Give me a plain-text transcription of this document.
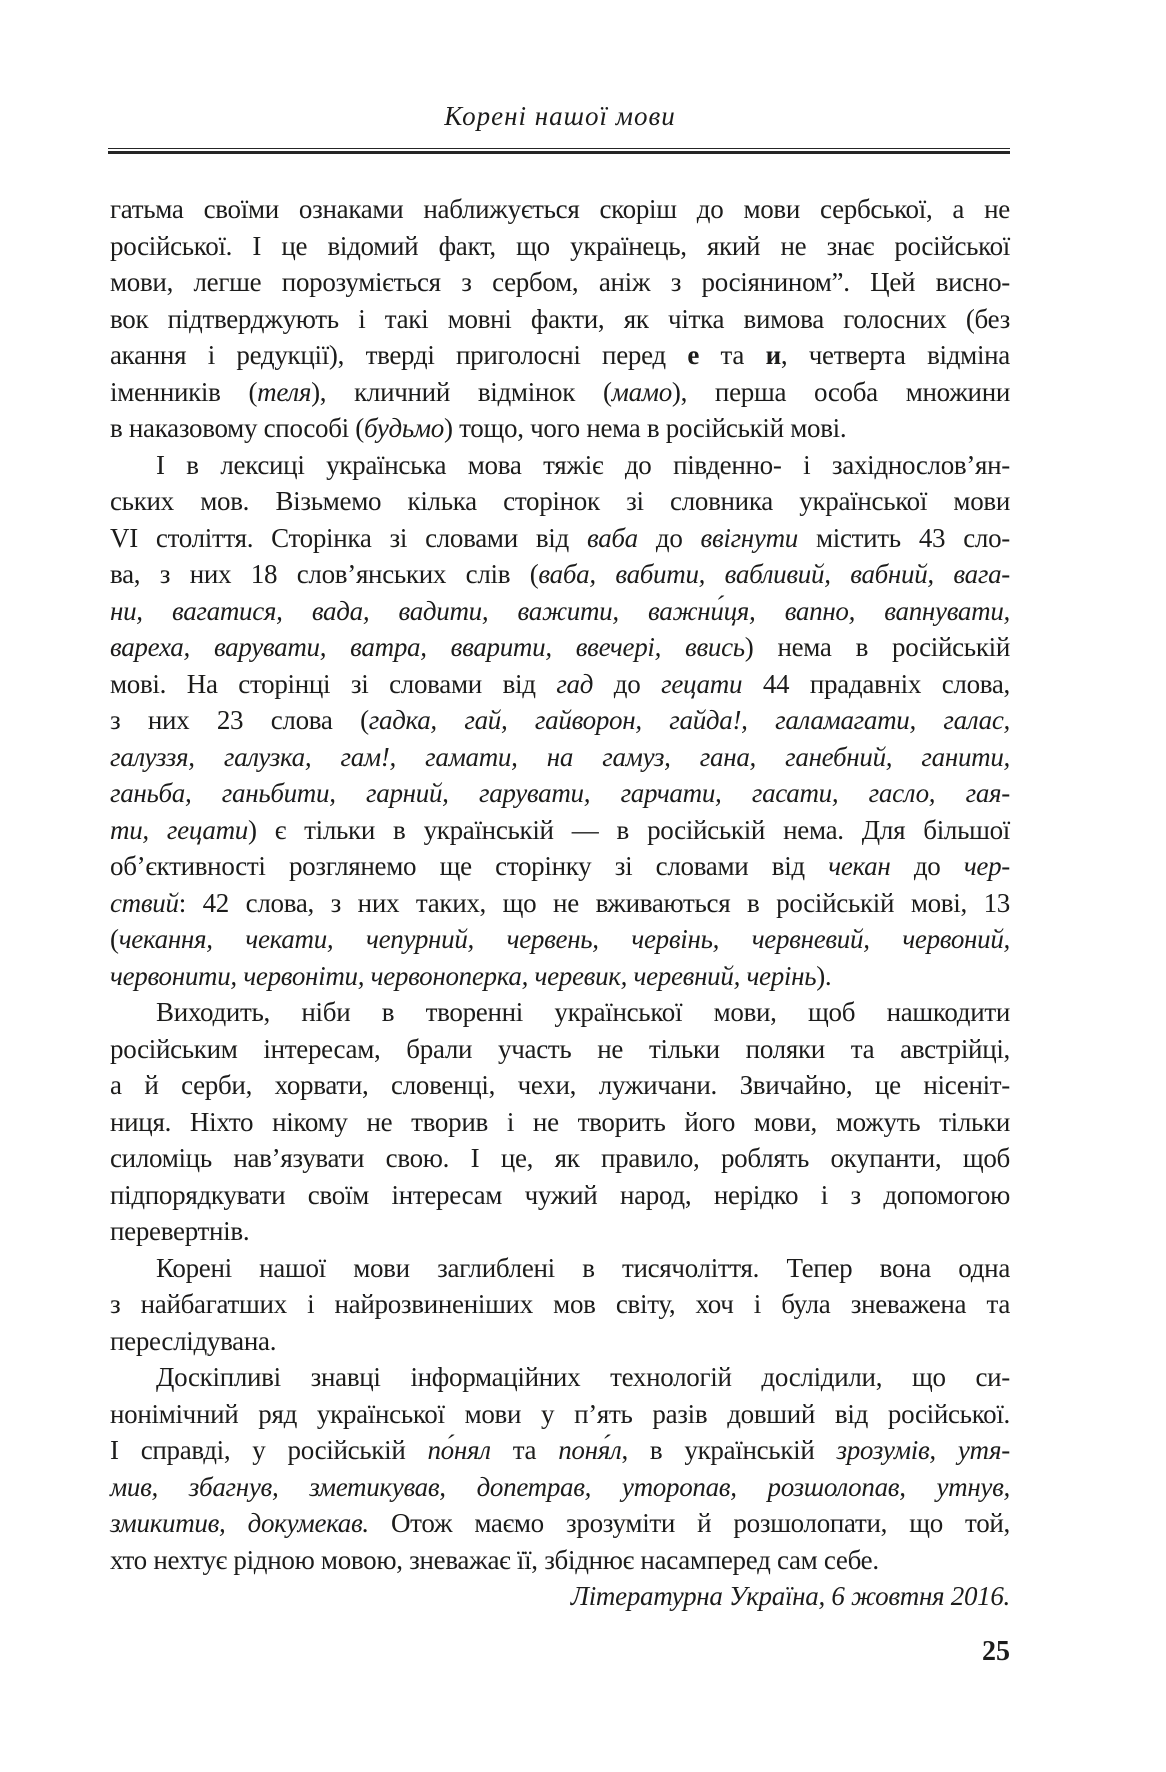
Корені нашої мови
гатьма своїми ознаками наближується скоріш до мови сербської, а не
російської. І це відомий факт, що українець, який не знає російської
мови, легше порозуміється з сербом, аніж з росіянином”. Цей висно-
вок підтверджують і такі мовні факти, як чітка вимова голосних (без
акання і редукції), тверді приголосні перед е та и, четверта відміна
іменників (теля), кличний відмінок (мамо), перша особа множини
в наказовому способі (будьмо) тощо, чого нема в російській мові.
І в лексиці українська мова тяжіє до південно- і західнослов’ян-
ських мов. Візьмемо кілька сторінок зі словника української мови
VI століття. Сторінка зі словами від ваба до ввігнути містить 43 сло-
ва, з них 18 слов’янських слів (ваба, вабити, вабливий, вабний, вага-
ни, вагатися, вада, вадити, важити, важни́ця, вапно, вапнувати,
вареха, варувати, ватра, вварити, ввечері, ввись) нема в російській
мові. На сторінці зі словами від гад до гецати 44 прадавніх слова,
з них 23 слова (гадка, гай, гайворон, гайда!, галамагати, галас,
галуззя, галузка, гам!, гамати, на гамуз, гана, ганебний, ганити,
ганьба, ганьбити, гарний, гарувати, гарчати, гасати, гасло, гая-
ти, гецати) є тільки в українській — в російській нема. Для більшої
об’єктивності розглянемо ще сторінку зі словами від чекан до чер-
ствий: 42 слова, з них таких, що не вживаються в російській мові, 13
(чекання, чекати, чепурний, червень, червінь, червневий, червоний,
червонити, червоніти, червоноперка, черевик, черевний, черінь).
Виходить, ніби в творенні української мови, щоб нашкодити
російським інтересам, брали участь не тільки поляки та австрійці,
а й серби, хорвати, словенці, чехи, лужичани. Звичайно, це нісеніт-
ниця. Ніхто нікому не творив і не творить його мови, можуть тільки
силоміць нав’язувати свою. І це, як правило, роблять окупанти, щоб
підпорядкувати своїм інтересам чужий народ, нерідко і з допомогою
перевертнів.
Корені нашої мови заглиблені в тисячоліття. Тепер вона одна
з найбагатших і найрозвиненіших мов світу, хоч і була зневажена та
переслідувана.
Доскіпливі знавці інформаційних технологій дослідили, що си-
нонімічний ряд української мови у п’ять разів довший від російської.
І справді, у російській по́нял та поня́л, в українській зрозумів, утя-
мив, збагнув, зметикував, допетрав, уторопав, розшолопав, утнув,
змикитив, докумекав. Отож маємо зрозуміти й розшолопати, що той,
хто нехтує рідною мовою, зневажає її, збіднює насамперед сам себе.
Літературна Україна, 6 жовтня 2016.
25
